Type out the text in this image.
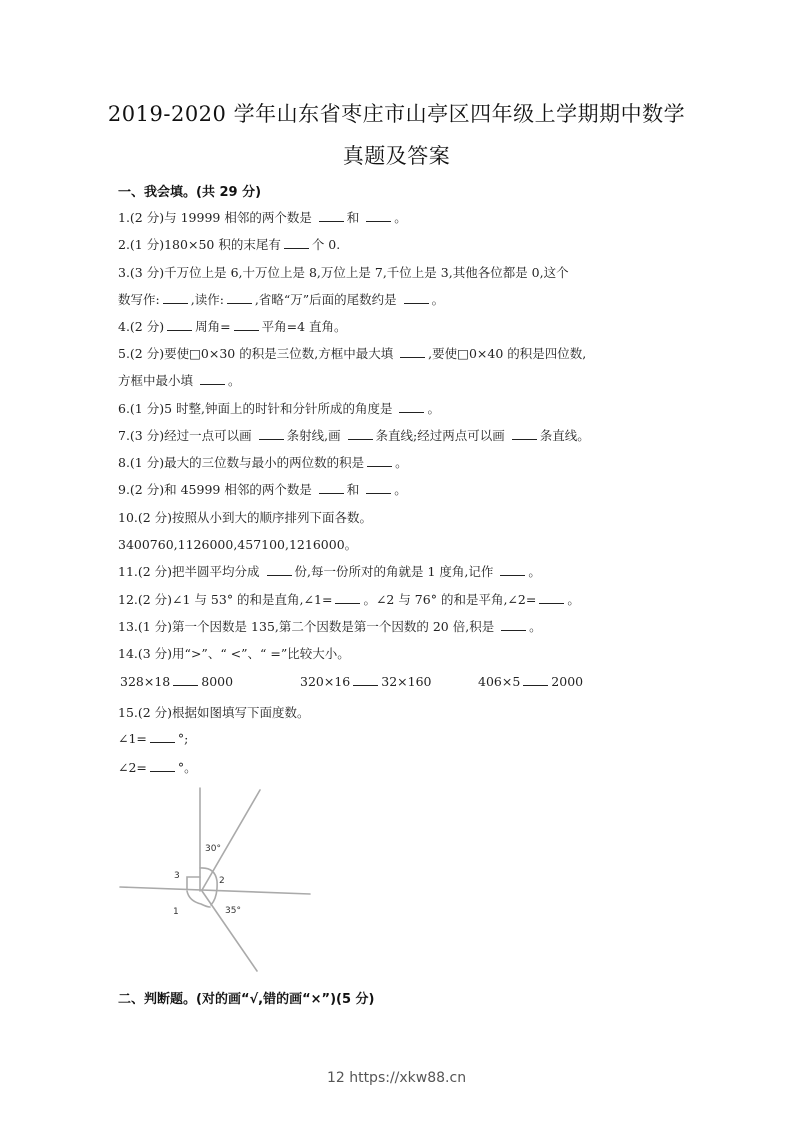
2019-2020 学年山东省枣庄市山亭区四年级上学期期中数学
真题及答案
一、我会填。(共 29 分)
1.(2 分)与 19999 相邻的两个数是 和 。
2.(1 分)180×50 积的末尾有 个 0.
3.(3 分)千万位上是 6,十万位上是 8,万位上是 7,千位上是 3,其他各位都是 0,这个
数写作: ,读作: ,省略“万”后面的尾数约是 。
4.(2 分) 周角= 平角=4 直角。
5.(2 分)要使□0×30 的积是三位数,方框中最大填 ,要使□0×40 的积是四位数,
方框中最小填 。
6.(1 分)5 时整,钟面上的时针和分针所成的角度是 。
7.(3 分)经过一点可以画 条射线,画 条直线;经过两点可以画 条直线。
8.(1 分)最大的三位数与最小的两位数的积是 。
9.(2 分)和 45999 相邻的两个数是 和 。
10.(2 分)按照从小到大的顺序排列下面各数。
3400760,1126000,457100,1216000。
11.(2 分)把半圆平均分成 份,每一份所对的角就是 1 度角,记作 。
12.(2 分)∠1 与 53° 的和是直角,∠1= 。∠2 与 76° 的和是平角,∠2= 。
13.(1 分)第一个因数是 135,第二个因数是第一个因数的 20 倍,积是 。
14.(3 分)用“>”、“ <”、“ =”比较大小。
328×18 8000	320×16 32×160	406×5 2000
15.(2 分)根据如图填写下面度数。
∠1= °;
∠2= °。
30°
2
3
1	35°
二、判断题。(对的画“√,错的画“×”)(5 分)
12 https://xkw88.cn
